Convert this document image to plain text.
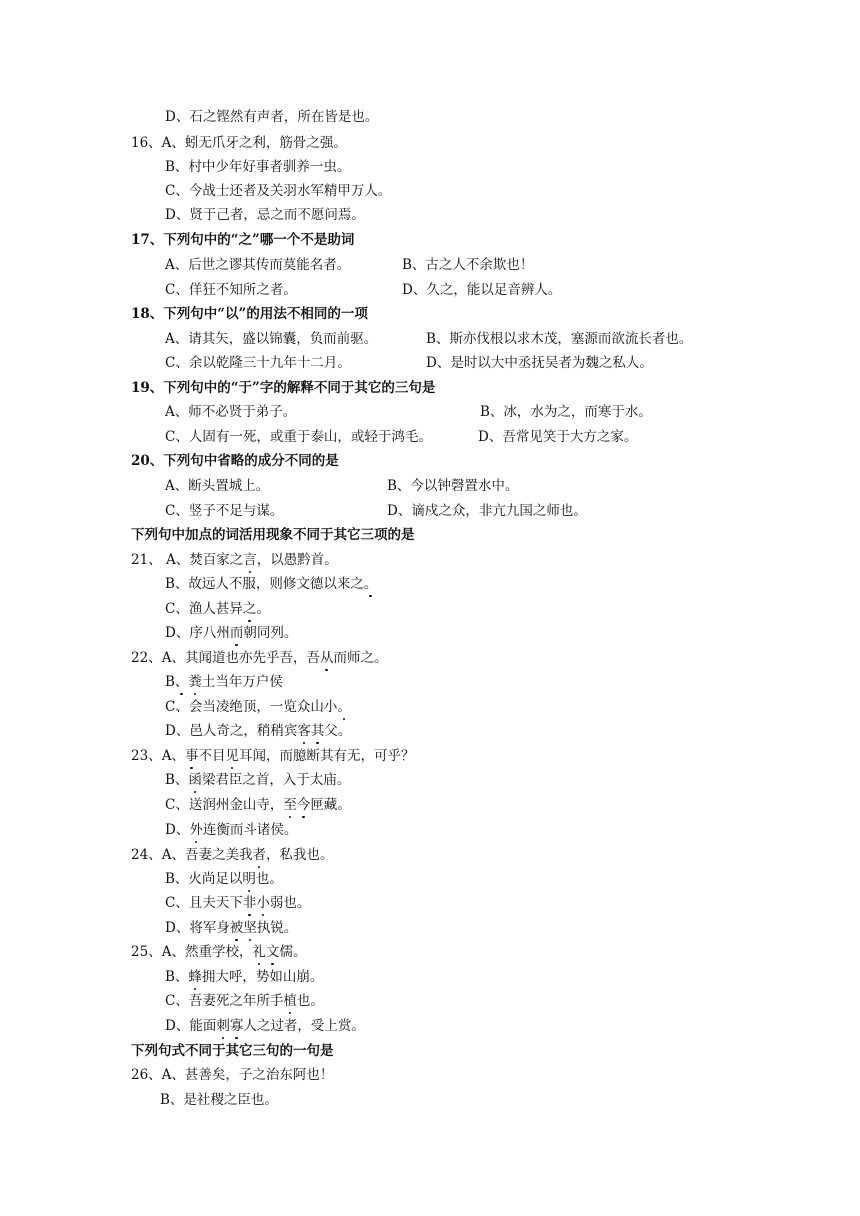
D、石之铿然有声者，所在皆是也。
16、A、蚓无爪牙之利，筋骨之强。
B、村中少年好事者驯养一虫。
C、今战士还者及关羽水军精甲万人。
D、贤于己者，忌之而不愿问焉。
17、下列句中的“之”哪一个不是助词
A、后世之谬其传而莫能名者。	B、古之人不余欺也！
C、佯狂不知所之者。	D、久之，能以足音辨人。
18、下列句中“以”的用法不相同的一项
A、请其矢，盛以锦囊，负而前驱。	B、斯亦伐根以求木茂，塞源而欲流长者也。
C、余以乾隆三十九年十二月。	D、是时以大中丞抚吴者为魏之私人。
19、下列句中的“于”字的解释不同于其它的三句是
A、师不必贤于弟子。	B、冰，水为之，而寒于水。
C、人固有一死，或重于泰山，或轻于鸿毛。	D、吾常见笑于大方之家。
20、下列句中省略的成分不同的是
A、断头置城上。	B、今以钟磬置水中。
C、竖子不足与谋。	D、谪戍之众，非亢九国之师也。
下列句中加点的词活用现象不同于其它三项的是
21、 A、焚百家之言，以愚黔首。
B、故远人不服，则修文德以来之。
C、渔人甚异之。
D、序八州而朝同列。
22、A、其闻道也亦先乎吾，吾从而师之。
B、粪土当年万户侯
C、会当凌绝顶，一览众山小。
D、邑人奇之，稍稍宾客其父。
23、A、事不目见耳闻，而臆断其有无，可乎？
B、函梁君臣之首，入于太庙。
C、送润州金山寺，至今匣藏。
D、外连衡而斗诸侯。
24、A、吾妻之美我者，私我也。
B、火尚足以明也。
C、且夫天下非小弱也。
D、将军身被坚执锐。
25、A、然重学校，礼文儒。
B、蜂拥大呼，势如山崩。
C、吾妻死之年所手植也。
D、能面刺寡人之过者，受上赏。
下列句式不同于其它三句的一句是
26、A、甚善矣，子之治东阿也！
B、是社稷之臣也。
